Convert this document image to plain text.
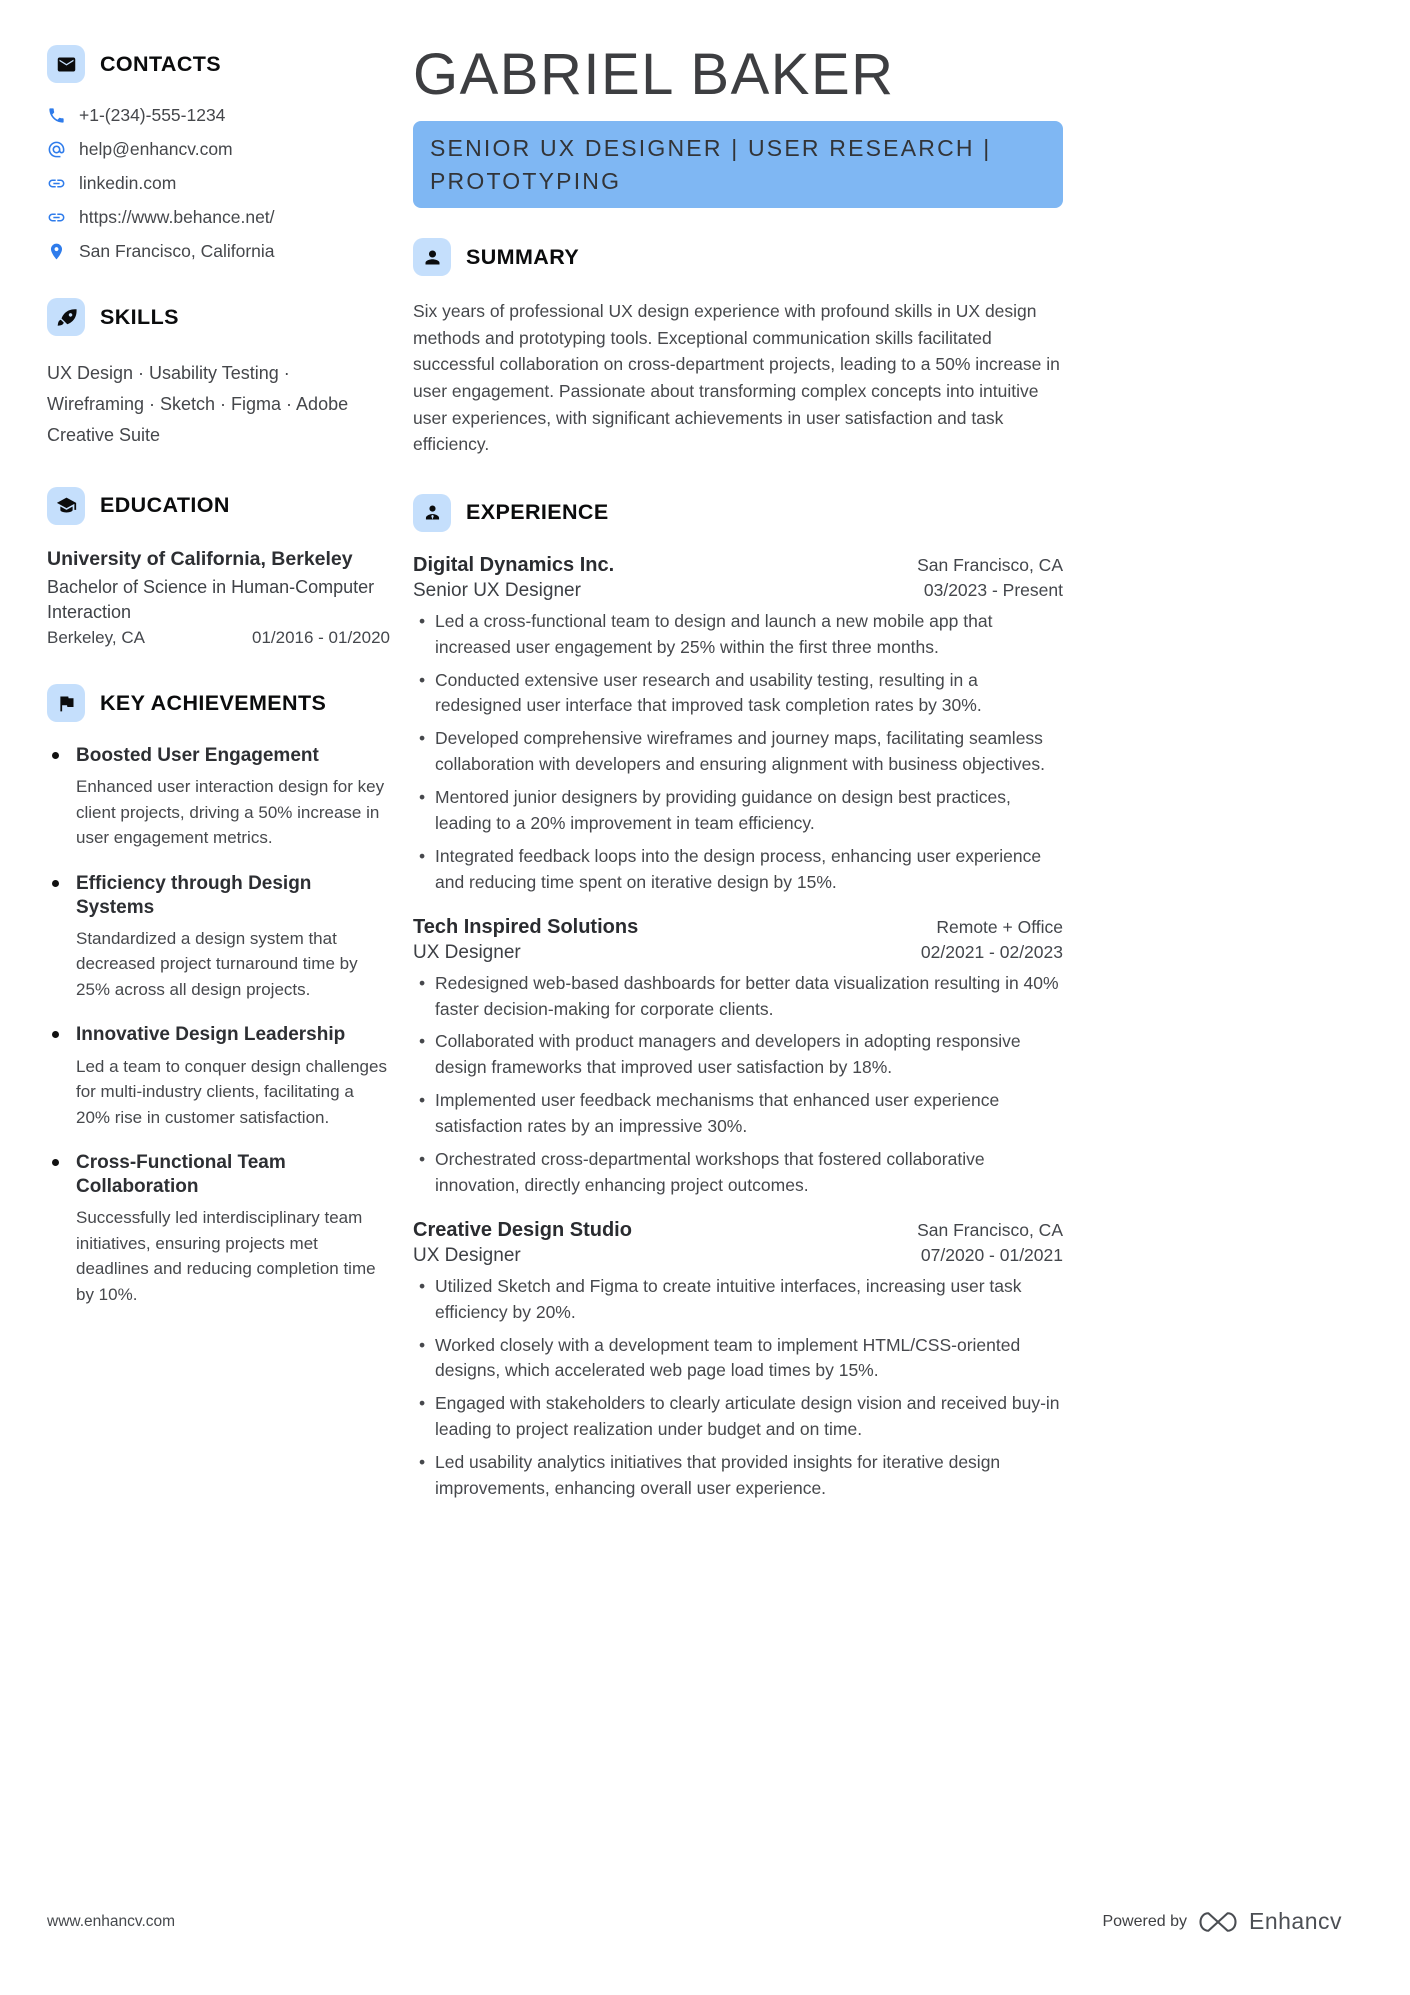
CONTACTS
+1-(234)-555-1234
help@enhancv.com
linkedin.com
https://www.behance.net/
San Francisco, California
SKILLS
UX Design · Usability Testing · Wireframing · Sketch · Figma · Adobe Creative Suite
EDUCATION
University of California, Berkeley
Bachelor of Science in Human-Computer Interaction
Berkeley, CA	01/2016 - 01/2020
KEY ACHIEVEMENTS
Boosted User Engagement
Enhanced user interaction design for key client projects, driving a 50% increase in user engagement metrics.
Efficiency through Design Systems
Standardized a design system that decreased project turnaround time by 25% across all design projects.
Innovative Design Leadership
Led a team to conquer design challenges for multi-industry clients, facilitating a 20% rise in customer satisfaction.
Cross-Functional Team Collaboration
Successfully led interdisciplinary team initiatives, ensuring projects met deadlines and reducing completion time by 10%.
GABRIEL BAKER
SENIOR UX DESIGNER | USER RESEARCH | PROTOTYPING
SUMMARY

Six years of professional UX design experience with profound skills in UX design methods and prototyping tools. Exceptional communication skills facilitated successful collaboration on cross-department projects, leading to a 50% increase in user engagement. Passionate about transforming complex concepts into intuitive user experiences, with significant achievements in user satisfaction and task efficiency.

EXPERIENCE
Digital Dynamics Inc.	San Francisco, CA
Senior UX Designer	03/2023 - Present
• Led a cross-functional team to design and launch a new mobile app that increased user engagement by 25% within the first three months.
• Conducted extensive user research and usability testing, resulting in a redesigned user interface that improved task completion rates by 30%.
• Developed comprehensive wireframes and journey maps, facilitating seamless collaboration with developers and ensuring alignment with business objectives.
• Mentored junior designers by providing guidance on design best practices, leading to a 20% improvement in team efficiency.
• Integrated feedback loops into the design process, enhancing user experience and reducing time spent on iterative design by 15%.
Tech Inspired Solutions	Remote + Office
UX Designer	02/2021 - 02/2023
• Redesigned web-based dashboards for better data visualization resulting in 40% faster decision-making for corporate clients.
• Collaborated with product managers and developers in adopting responsive design frameworks that improved user satisfaction by 18%.
• Implemented user feedback mechanisms that enhanced user experience satisfaction rates by an impressive 30%.
• Orchestrated cross-departmental workshops that fostered collaborative innovation, directly enhancing project outcomes.
Creative Design Studio	San Francisco, CA
UX Designer	07/2020 - 01/2021
• Utilized Sketch and Figma to create intuitive interfaces, increasing user task efficiency by 20%.
• Worked closely with a development team to implement HTML/CSS-oriented designs, which accelerated web page load times by 15%.
• Engaged with stakeholders to clearly articulate design vision and received buy-in leading to project realization under budget and on time.
• Led usability analytics initiatives that provided insights for iterative design improvements, enhancing overall user experience.
www.enhancv.com	Powered by	Enhancv
